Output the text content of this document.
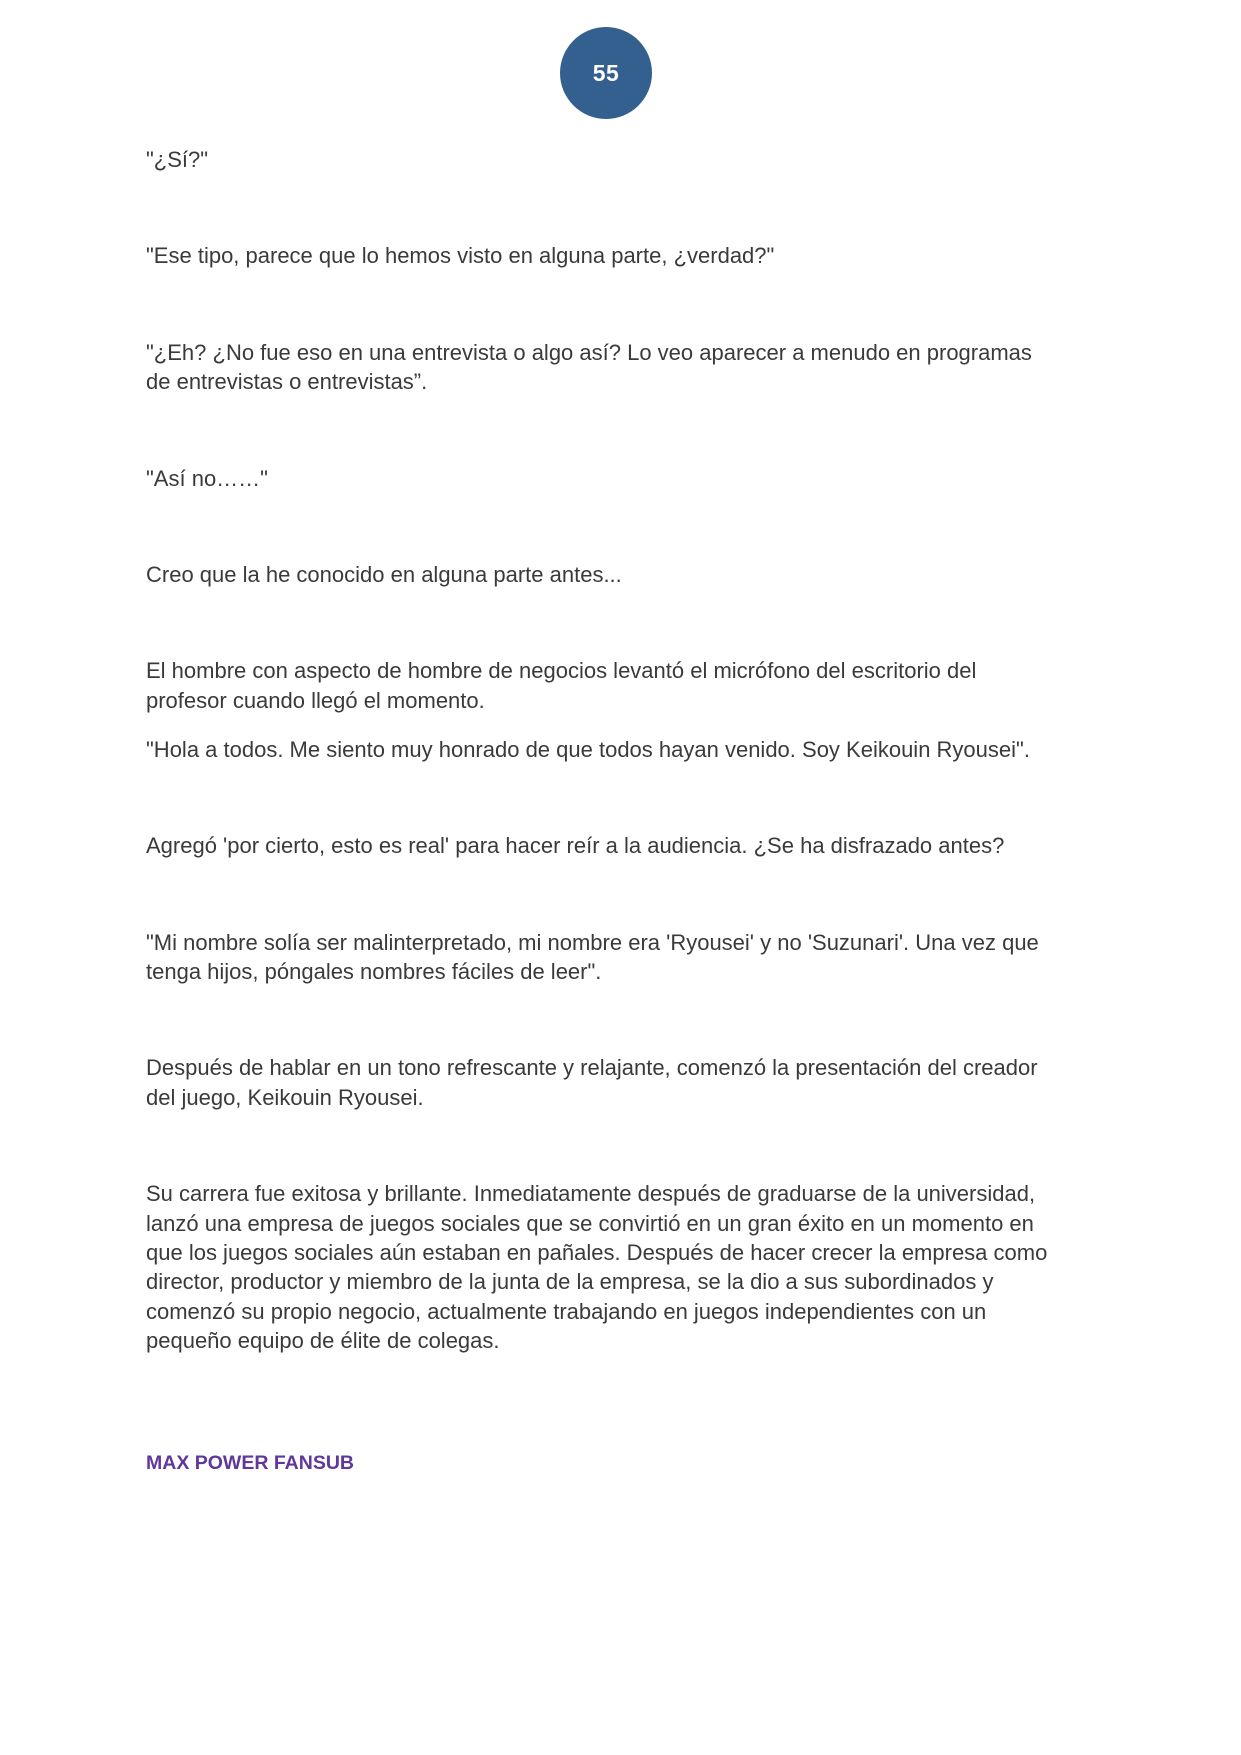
55

"¿Sí?"

"Ese tipo, parece que lo hemos visto en alguna parte, ¿verdad?"

"¿Eh? ¿No fue eso en una entrevista o algo así? Lo veo aparecer a menudo en programas
de entrevistas o entrevistas”.

"Así no……"

Creo que la he conocido en alguna parte antes...

El hombre con aspecto de hombre de negocios levantó el micrófono del escritorio del
profesor cuando llegó el momento.

"Hola a todos. Me siento muy honrado de que todos hayan venido. Soy Keikouin Ryousei".

Agregó 'por cierto, esto es real' para hacer reír a la audiencia. ¿Se ha disfrazado antes?

"Mi nombre solía ser malinterpretado, mi nombre era 'Ryousei' y no 'Suzunari'. Una vez que
tenga hijos, póngales nombres fáciles de leer".

Después de hablar en un tono refrescante y relajante, comenzó la presentación del creador
del juego, Keikouin Ryousei.

Su carrera fue exitosa y brillante. Inmediatamente después de graduarse de la universidad,
lanzó una empresa de juegos sociales que se convirtió en un gran éxito en un momento en
que los juegos sociales aún estaban en pañales. Después de hacer crecer la empresa como
director, productor y miembro de la junta de la empresa, se la dio a sus subordinados y
comenzó su propio negocio, actualmente trabajando en juegos independientes con un
pequeño equipo de élite de colegas.

MAX POWER FANSUB
